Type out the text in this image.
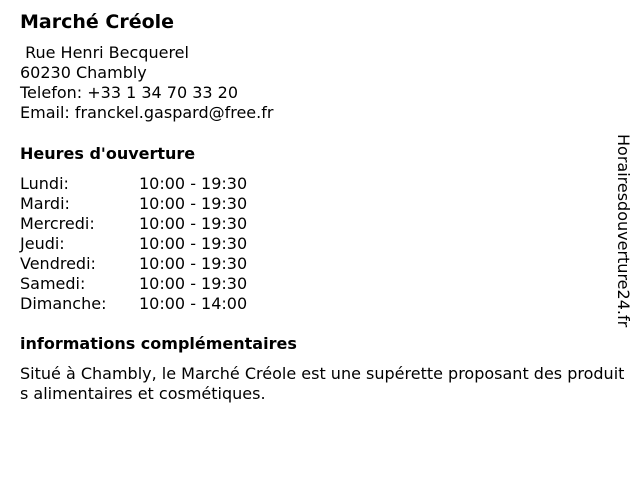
Marché Créole
Rue Henri Becquerel
60230 Chambly
Telefon: +33 1 34 70 33 20
Email: franckel.gaspard@free.fr
Heures d'ouverture
Lundi:	10:00 - 19:30
Mardi:	10:00 - 19:30
Mercredi:	10:00 - 19:30
Jeudi:	10:00 - 19:30
Vendredi:	10:00 - 19:30
Samedi:	10:00 - 19:30
Dimanche: 10:00 - 14:00
informations complémentaires
Situé à Chambly, le Marché Créole est une supérette proposant des produits alimentaires et cosmétiques.
Horairesdouverture24.fr
